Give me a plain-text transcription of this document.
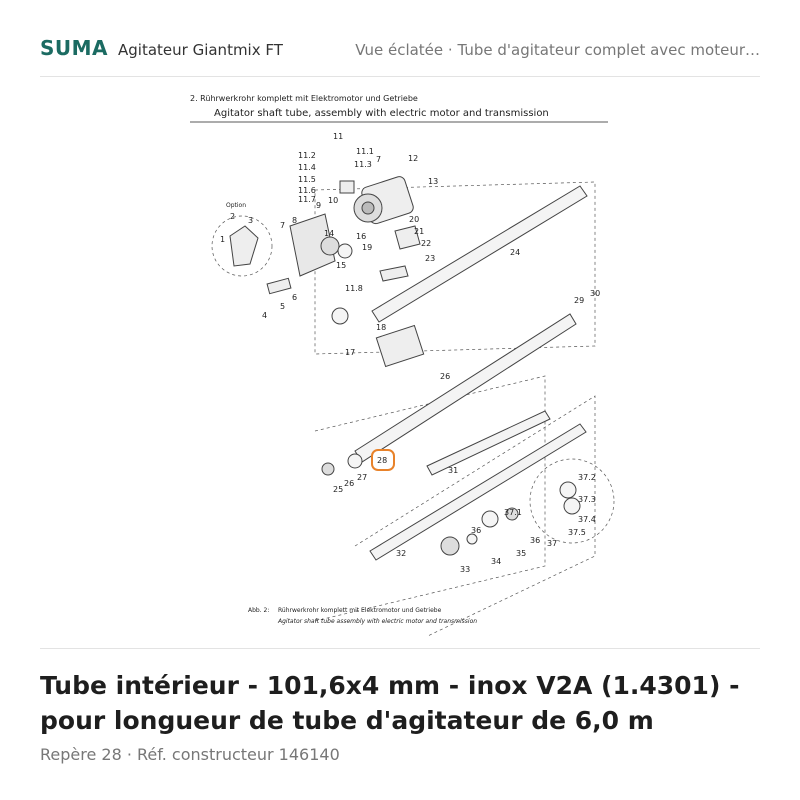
SUMA Agitateur Giantmix FT	Vue éclatée · Tube d'agitateur complet avec moteur…
2. Rührwerkrohr komplett mit Elektromotor und Getriebe
Agitator shaft tube, assembly with electric motor and transmission
1
2 3
4
5
6
7
7
8
9
10
11
11.1
11.2
11.3
11.4
11.5
11.6
11.7
11.8
12
13
14
15
16
17
18
19
20
21
22
23
24
25
26
26
27
29
30
31
32
33
34
35
36
36 37
37.1
37.2
37.3
37.4
37.5
Option
28
Abb. 2: Rührwerkrohr komplett mit Elektromotor und Getriebe
Agitator shaft tube assembly with electric motor and transmission
Tube intérieur - 101,6x4 mm - inox V2A (1.4301) - pour longueur de tube d'agitateur de 6,0 m
Repère 28 · Réf. constructeur 146140
